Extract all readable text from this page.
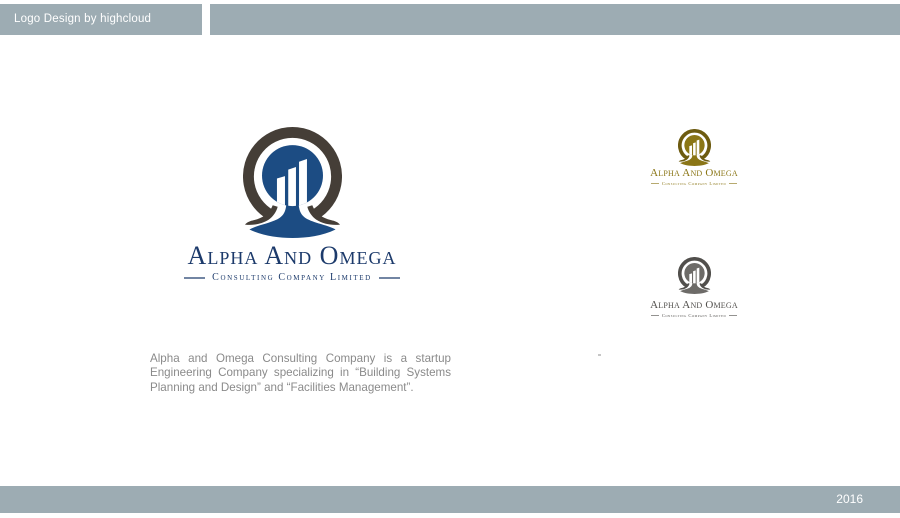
Logo Design by highcloud
Alpha And Omega
Consulting Company Limited
Alpha And Omega
Consulting Company Limited
Alpha And Omega
Consulting Company Limited

Alpha and Omega Consulting Company is a startup Engineering Company specializing in “Building Systems Planning and Design” and “Facilities Management”.

2016
